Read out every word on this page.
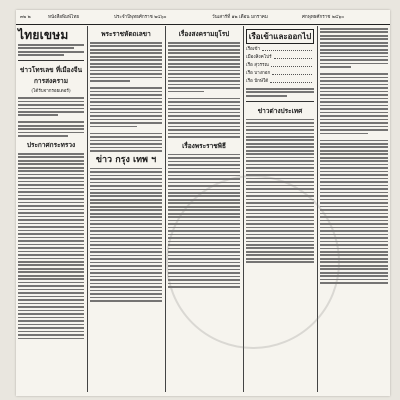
๓๒ ๒	หนังสือพิมพ์ไทย	ประจำปีพุทธศักราช ๒๔๖๐	วันเสาร์ที่ ๑๒ เดือน มกราคม	ศกพุทธศักราช ๒๔๖๐
ไทยเขษม
ข่าวโทรเลข ที่เมืองจีนการสงคราม
(ได้รับจากรอยเตอร์)
ประกาศกระทรวง
พระราชหัตถเลขา
ข่าว กรุง เทพ ฯ
เรื่องสงครามยุโรป
เรื่องพระราชพิธี
เรือเข้าและออกไป
เรือเข้า
เมืองสิงคโปร์
เรือ สุวรรณ
เรือ บางกอก
เรือ ปักษ์ใต้
ข่าวต่างประเทศ
